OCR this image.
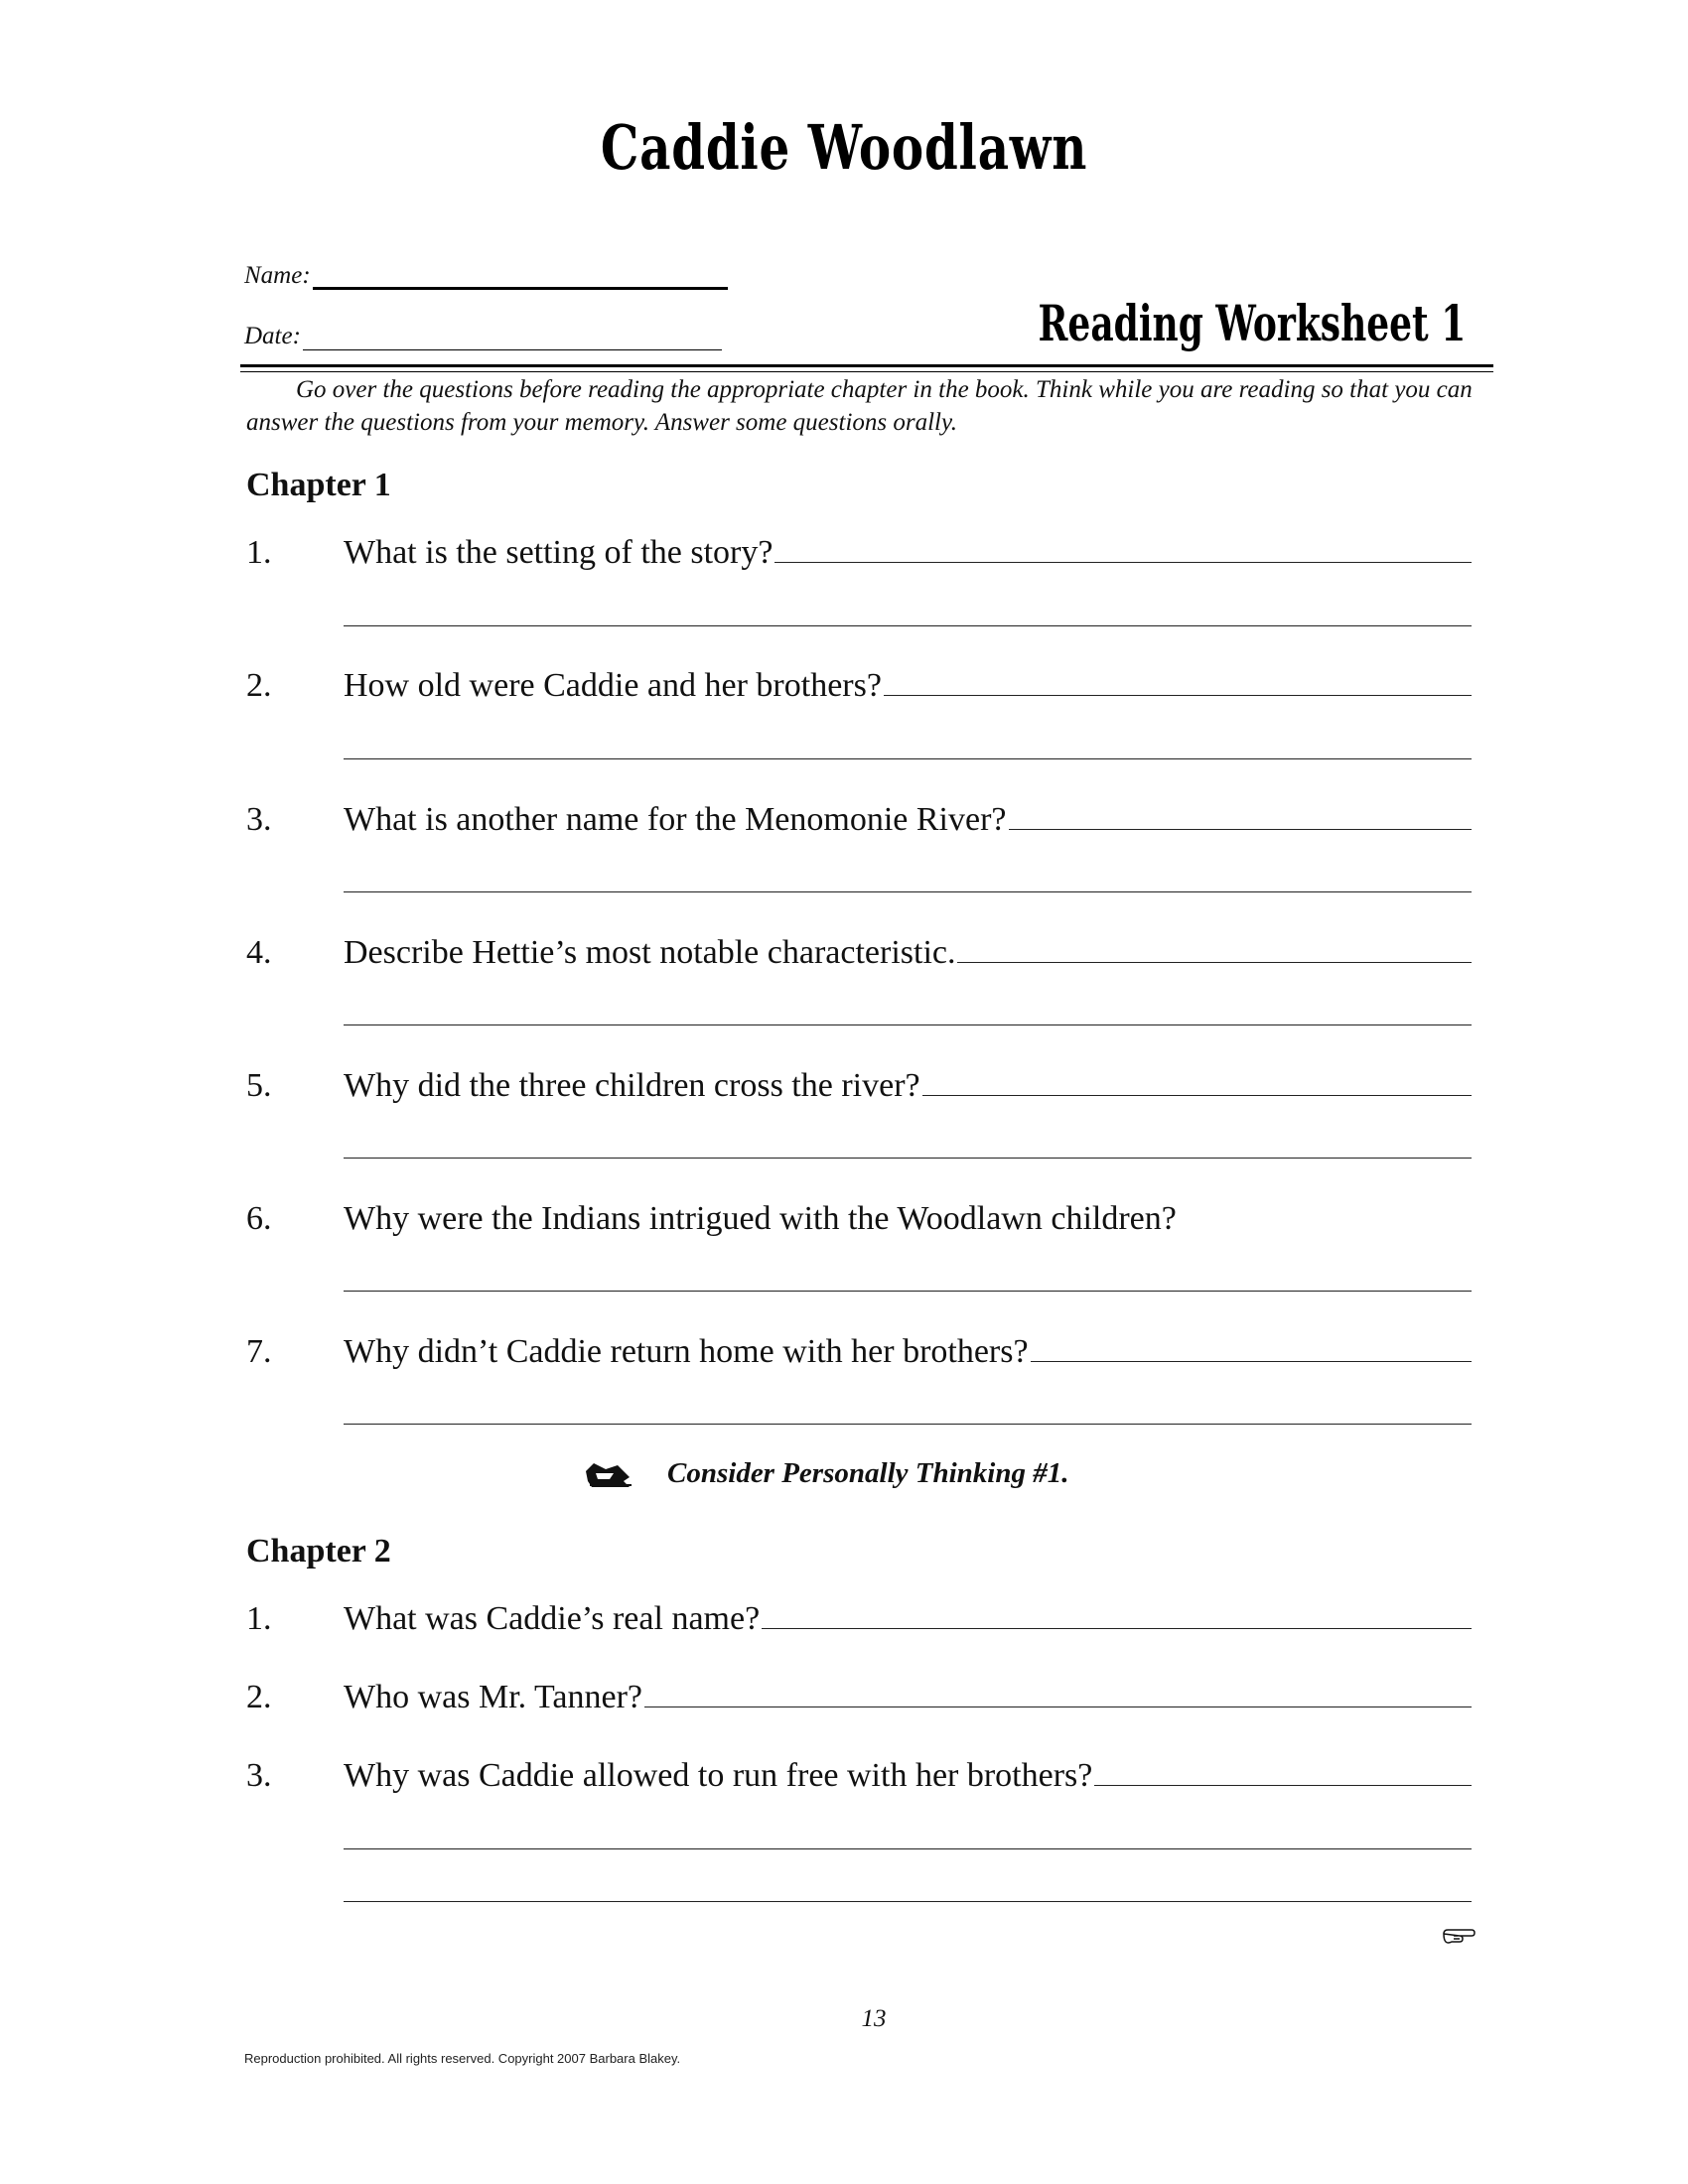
Caddie Woodlawn
Name:
Date:	Reading Worksheet 1
Go over the questions before reading the appropriate chapter in the book. Think while you are reading so that you can answer the questions from your memory. Answer some questions orally.
Chapter 1
1.	What is the setting of the story?
2.	How old were Caddie and her brothers?
3.	What is another name for the Menomonie River?
4.	Describe Hettie’s most notable characteristic.
5.	Why did the three children cross the river?
6.	Why were the Indians intrigued with the Woodlawn children?
7.	Why didn’t Caddie return home with her brothers?
Consider Personally Thinking #1.
Chapter 2
1.	What was Caddie’s real name?
2.	Who was Mr. Tanner?
3.	Why was Caddie allowed to run free with her brothers?
13
Reproduction prohibited. All rights reserved. Copyright 2007 Barbara Blakey.
